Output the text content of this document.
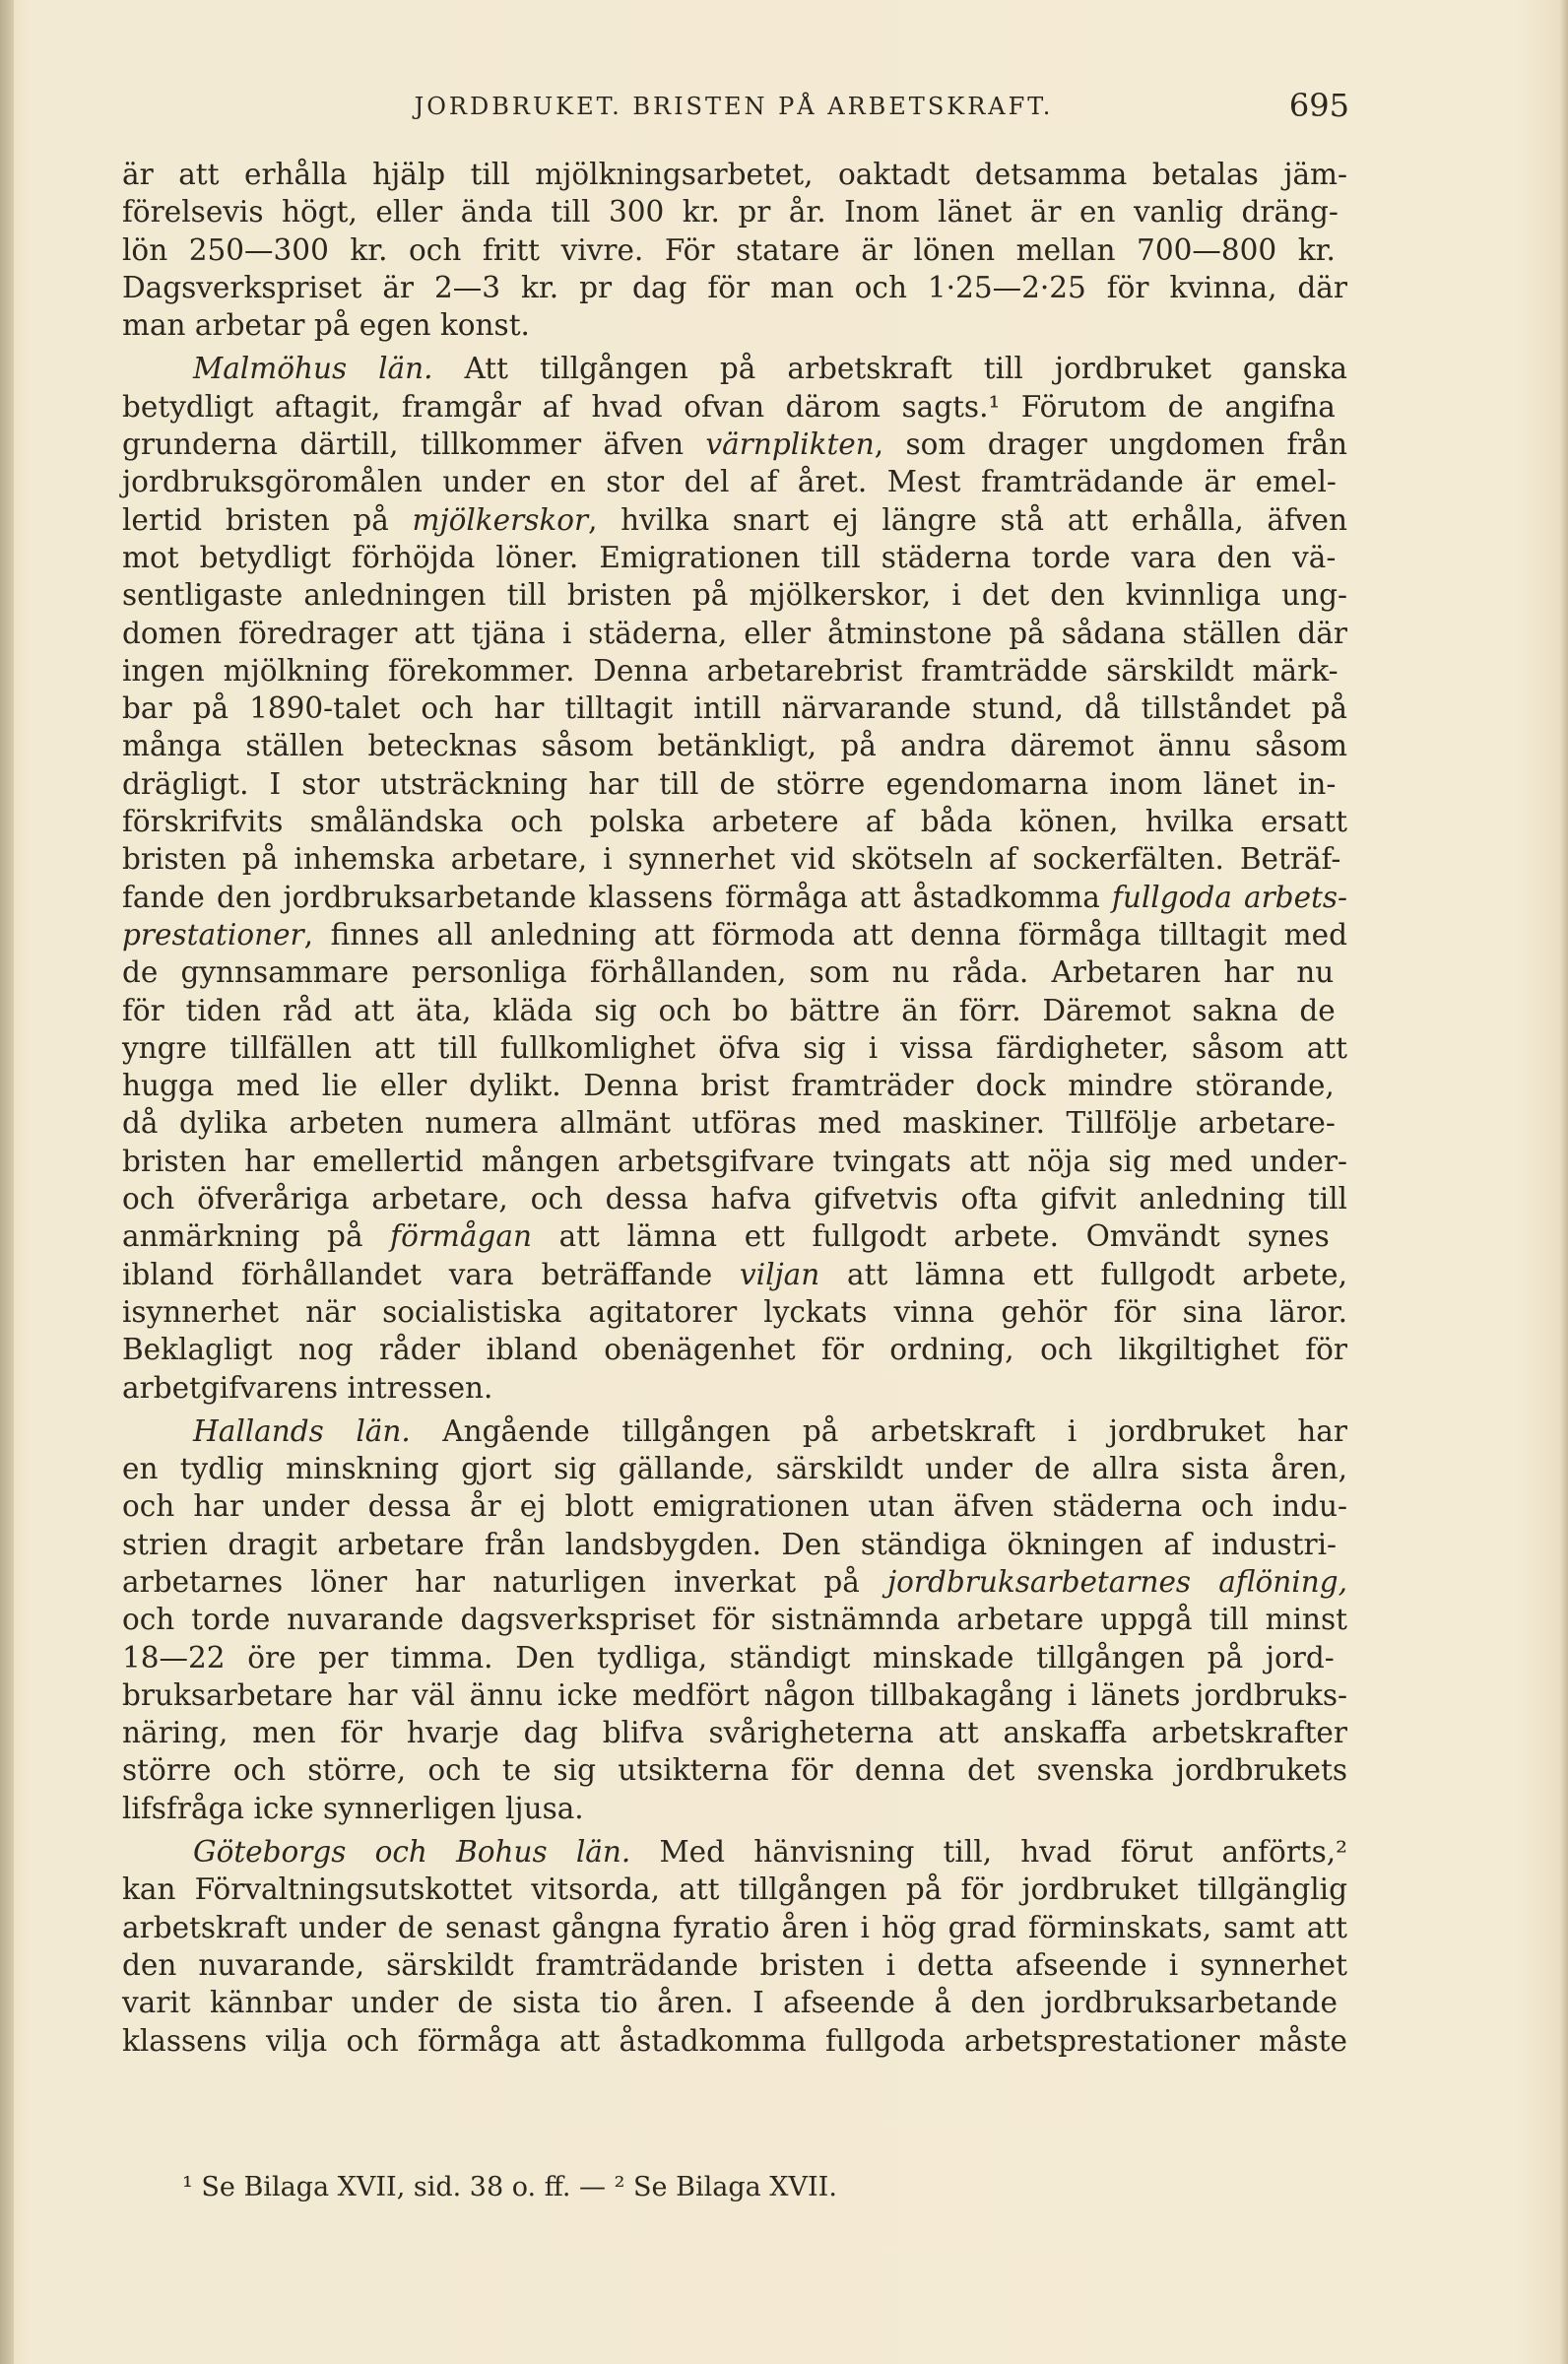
JORDBRUKET. BRISTEN PÅ ARBETSKRAFT.	695
är att erhålla hjälp till mjölkningsarbetet, oaktadt detsamma betalas jäm-
förelsevis högt, eller ända till 300 kr. pr år. Inom länet är en vanlig dräng-
lön 250—300 kr. och fritt vivre. För statare är lönen mellan 700—800 kr.
Dagsverkspriset är 2—3 kr. pr dag för man och 1·25—2·25 för kvinna, där
man arbetar på egen konst.
Malmöhus län. Att tillgången på arbetskraft till jordbruket ganska
betydligt aftagit, framgår af hvad ofvan därom sagts.¹ Förutom de angifna
grunderna därtill, tillkommer äfven värnplikten, som drager ungdomen från
jordbruksgöromålen under en stor del af året. Mest framträdande är emel-
lertid bristen på mjölkerskor, hvilka snart ej längre stå att erhålla, äfven
mot betydligt förhöjda löner. Emigrationen till städerna torde vara den vä-
sentligaste anledningen till bristen på mjölkerskor, i det den kvinnliga ung-
domen föredrager att tjäna i städerna, eller åtminstone på sådana ställen där
ingen mjölkning förekommer. Denna arbetarebrist framträdde särskildt märk-
bar på 1890-talet och har tilltagit intill närvarande stund, då tillståndet på
många ställen betecknas såsom betänkligt, på andra däremot ännu såsom
drägligt. I stor utsträckning har till de större egendomarna inom länet in-
förskrifvits småländska och polska arbetere af båda könen, hvilka ersatt
bristen på inhemska arbetare, i synnerhet vid skötseln af sockerfälten. Beträf-
fande den jordbruksarbetande klassens förmåga att åstadkomma fullgoda arbets-
prestationer, finnes all anledning att förmoda att denna förmåga tilltagit med
de gynnsammare personliga förhållanden, som nu råda. Arbetaren har nu
för tiden råd att äta, kläda sig och bo bättre än förr. Däremot sakna de
yngre tillfällen att till fullkomlighet öfva sig i vissa färdigheter, såsom att
hugga med lie eller dylikt. Denna brist framträder dock mindre störande,
då dylika arbeten numera allmänt utföras med maskiner. Tillfölje arbetare-
bristen har emellertid mången arbetsgifvare tvingats att nöja sig med under-
och öfveråriga arbetare, och dessa hafva gifvetvis ofta gifvit anledning till
anmärkning på förmågan att lämna ett fullgodt arbete. Omvändt synes
ibland förhållandet vara beträffande viljan att lämna ett fullgodt arbete,
isynnerhet när socialistiska agitatorer lyckats vinna gehör för sina läror.
Beklagligt nog råder ibland obenägenhet för ordning, och likgiltighet för
arbetgifvarens intressen.
Hallands län. Angående tillgången på arbetskraft i jordbruket har
en tydlig minskning gjort sig gällande, särskildt under de allra sista åren,
och har under dessa år ej blott emigrationen utan äfven städerna och indu-
strien dragit arbetare från landsbygden. Den ständiga ökningen af industri-
arbetarnes löner har naturligen inverkat på jordbruksarbetarnes aflöning,
och torde nuvarande dagsverkspriset för sistnämnda arbetare uppgå till minst
18—22 öre per timma. Den tydliga, ständigt minskade tillgången på jord-
bruksarbetare har väl ännu icke medfört någon tillbakagång i länets jordbruks-
näring, men för hvarje dag blifva svårigheterna att anskaffa arbetskrafter
större och större, och te sig utsikterna för denna det svenska jordbrukets
lifsfråga icke synnerligen ljusa.
Göteborgs och Bohus län. Med hänvisning till, hvad förut anförts,²
kan Förvaltningsutskottet vitsorda, att tillgången på för jordbruket tillgänglig
arbetskraft under de senast gångna fyratio åren i hög grad förminskats, samt att
den nuvarande, särskildt framträdande bristen i detta afseende i synnerhet
varit kännbar under de sista tio åren. I afseende å den jordbruksarbetande
klassens vilja och förmåga att åstadkomma fullgoda arbetsprestationer måste
¹ Se Bilaga XVII, sid. 38 o. ff. — ² Se Bilaga XVII.
